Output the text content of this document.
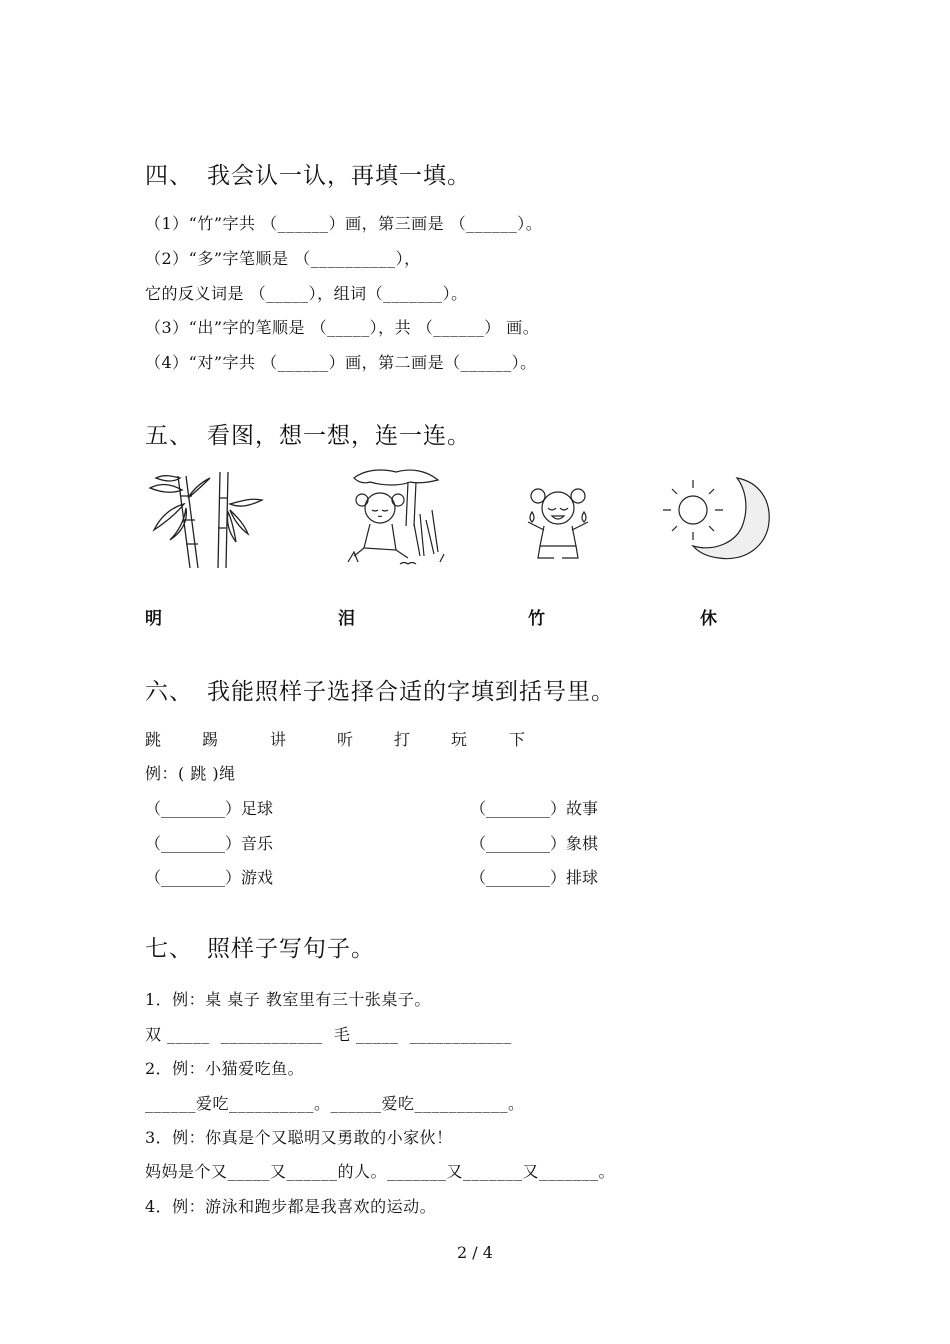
四、 我会认一认，再填一填。
（1）“竹”字共 （______）画，第三画是 （______）。
（2）“多”字笔顺是 （__________），
它的反义词是 （_____），组词（_______）。
（3）“出”字的笔顺是 （_____），共 （______） 画。
（4）“对”字共 （______）画，第二画是（______）。
五、 看图，想一想，连一连。
明	泪	竹	休
六、 我能照样子选择合适的字填到括号里。
跳	踢	讲	听	打	玩	下
例：( 跳 )绳
（________）足球	（________）故事
（________）音乐	（________）象棋
（________）游戏	（________）排球
七、 照样子写句子。
1．例：桌 桌子 教室里有三十张桌子。
双 _____  ____________  毛 _____  ____________
2．例：小猫爱吃鱼。
______爱吃__________。______爱吃___________。
3．例：你真是个又聪明又勇敢的小家伙！
妈妈是个又_____又______的人。_______又_______又_______。
4．例：游泳和跑步都是我喜欢的运动。
2 / 4
